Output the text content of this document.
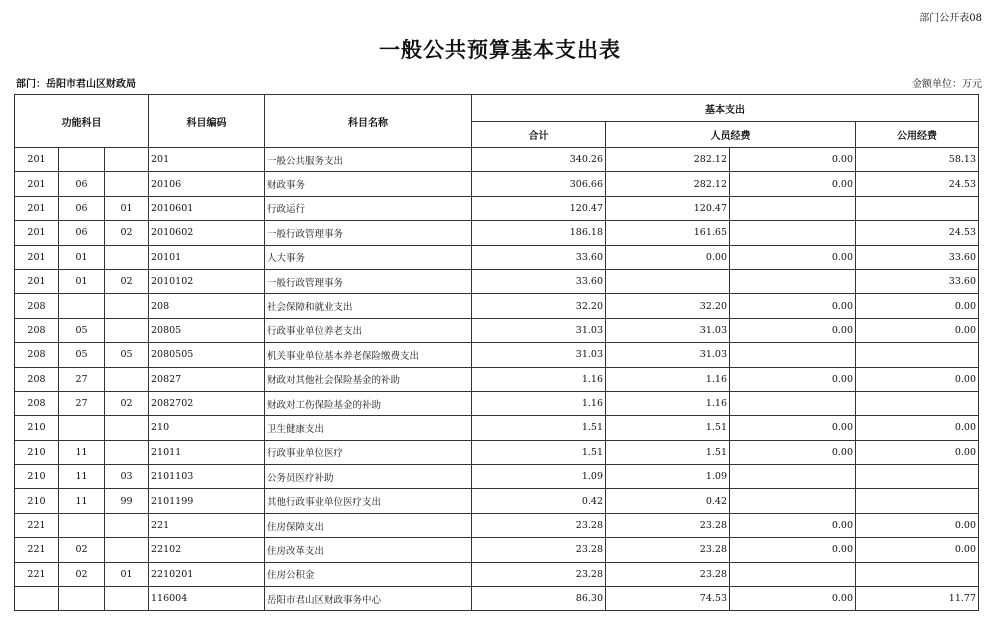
部门公开表08
一般公共预算基本支出表
部门：岳阳市君山区财政局	金额单位：万元
功能科目			科目编码	科目名称	基本支出			
					合计	人员经费		公用经费
201			201	一般公共服务支出	340.26	282.12	0.00	58.13
201	06		20106	财政事务	306.66	282.12	0.00	24.53
201	06	01	2010601	行政运行	120.47	120.47		
201	06	02	2010602	一般行政管理事务	186.18	161.65		24.53
201	01		20101	人大事务	33.60	0.00	0.00	33.60
201	01	02	2010102	一般行政管理事务	33.60			33.60
208			208	社会保障和就业支出	32.20	32.20	0.00	0.00
208	05		20805	行政事业单位养老支出	31.03	31.03	0.00	0.00
208	05	05	2080505	机关事业单位基本养老保险缴费支出	31.03	31.03		
208	27		20827	财政对其他社会保险基金的补助	1.16	1.16	0.00	0.00
208	27	02	2082702	财政对工伤保险基金的补助	1.16	1.16		
210			210	卫生健康支出	1.51	1.51	0.00	0.00
210	11		21011	行政事业单位医疗	1.51	1.51	0.00	0.00
210	11	03	2101103	公务员医疗补助	1.09	1.09		
210	11	99	2101199	其他行政事业单位医疗支出	0.42	0.42		
221			221	住房保障支出	23.28	23.28	0.00	0.00
221	02		22102	住房改革支出	23.28	23.28	0.00	0.00
221	02	01	2210201	住房公积金	23.28	23.28		
			116004	岳阳市君山区财政事务中心	86.30	74.53	0.00	11.77
